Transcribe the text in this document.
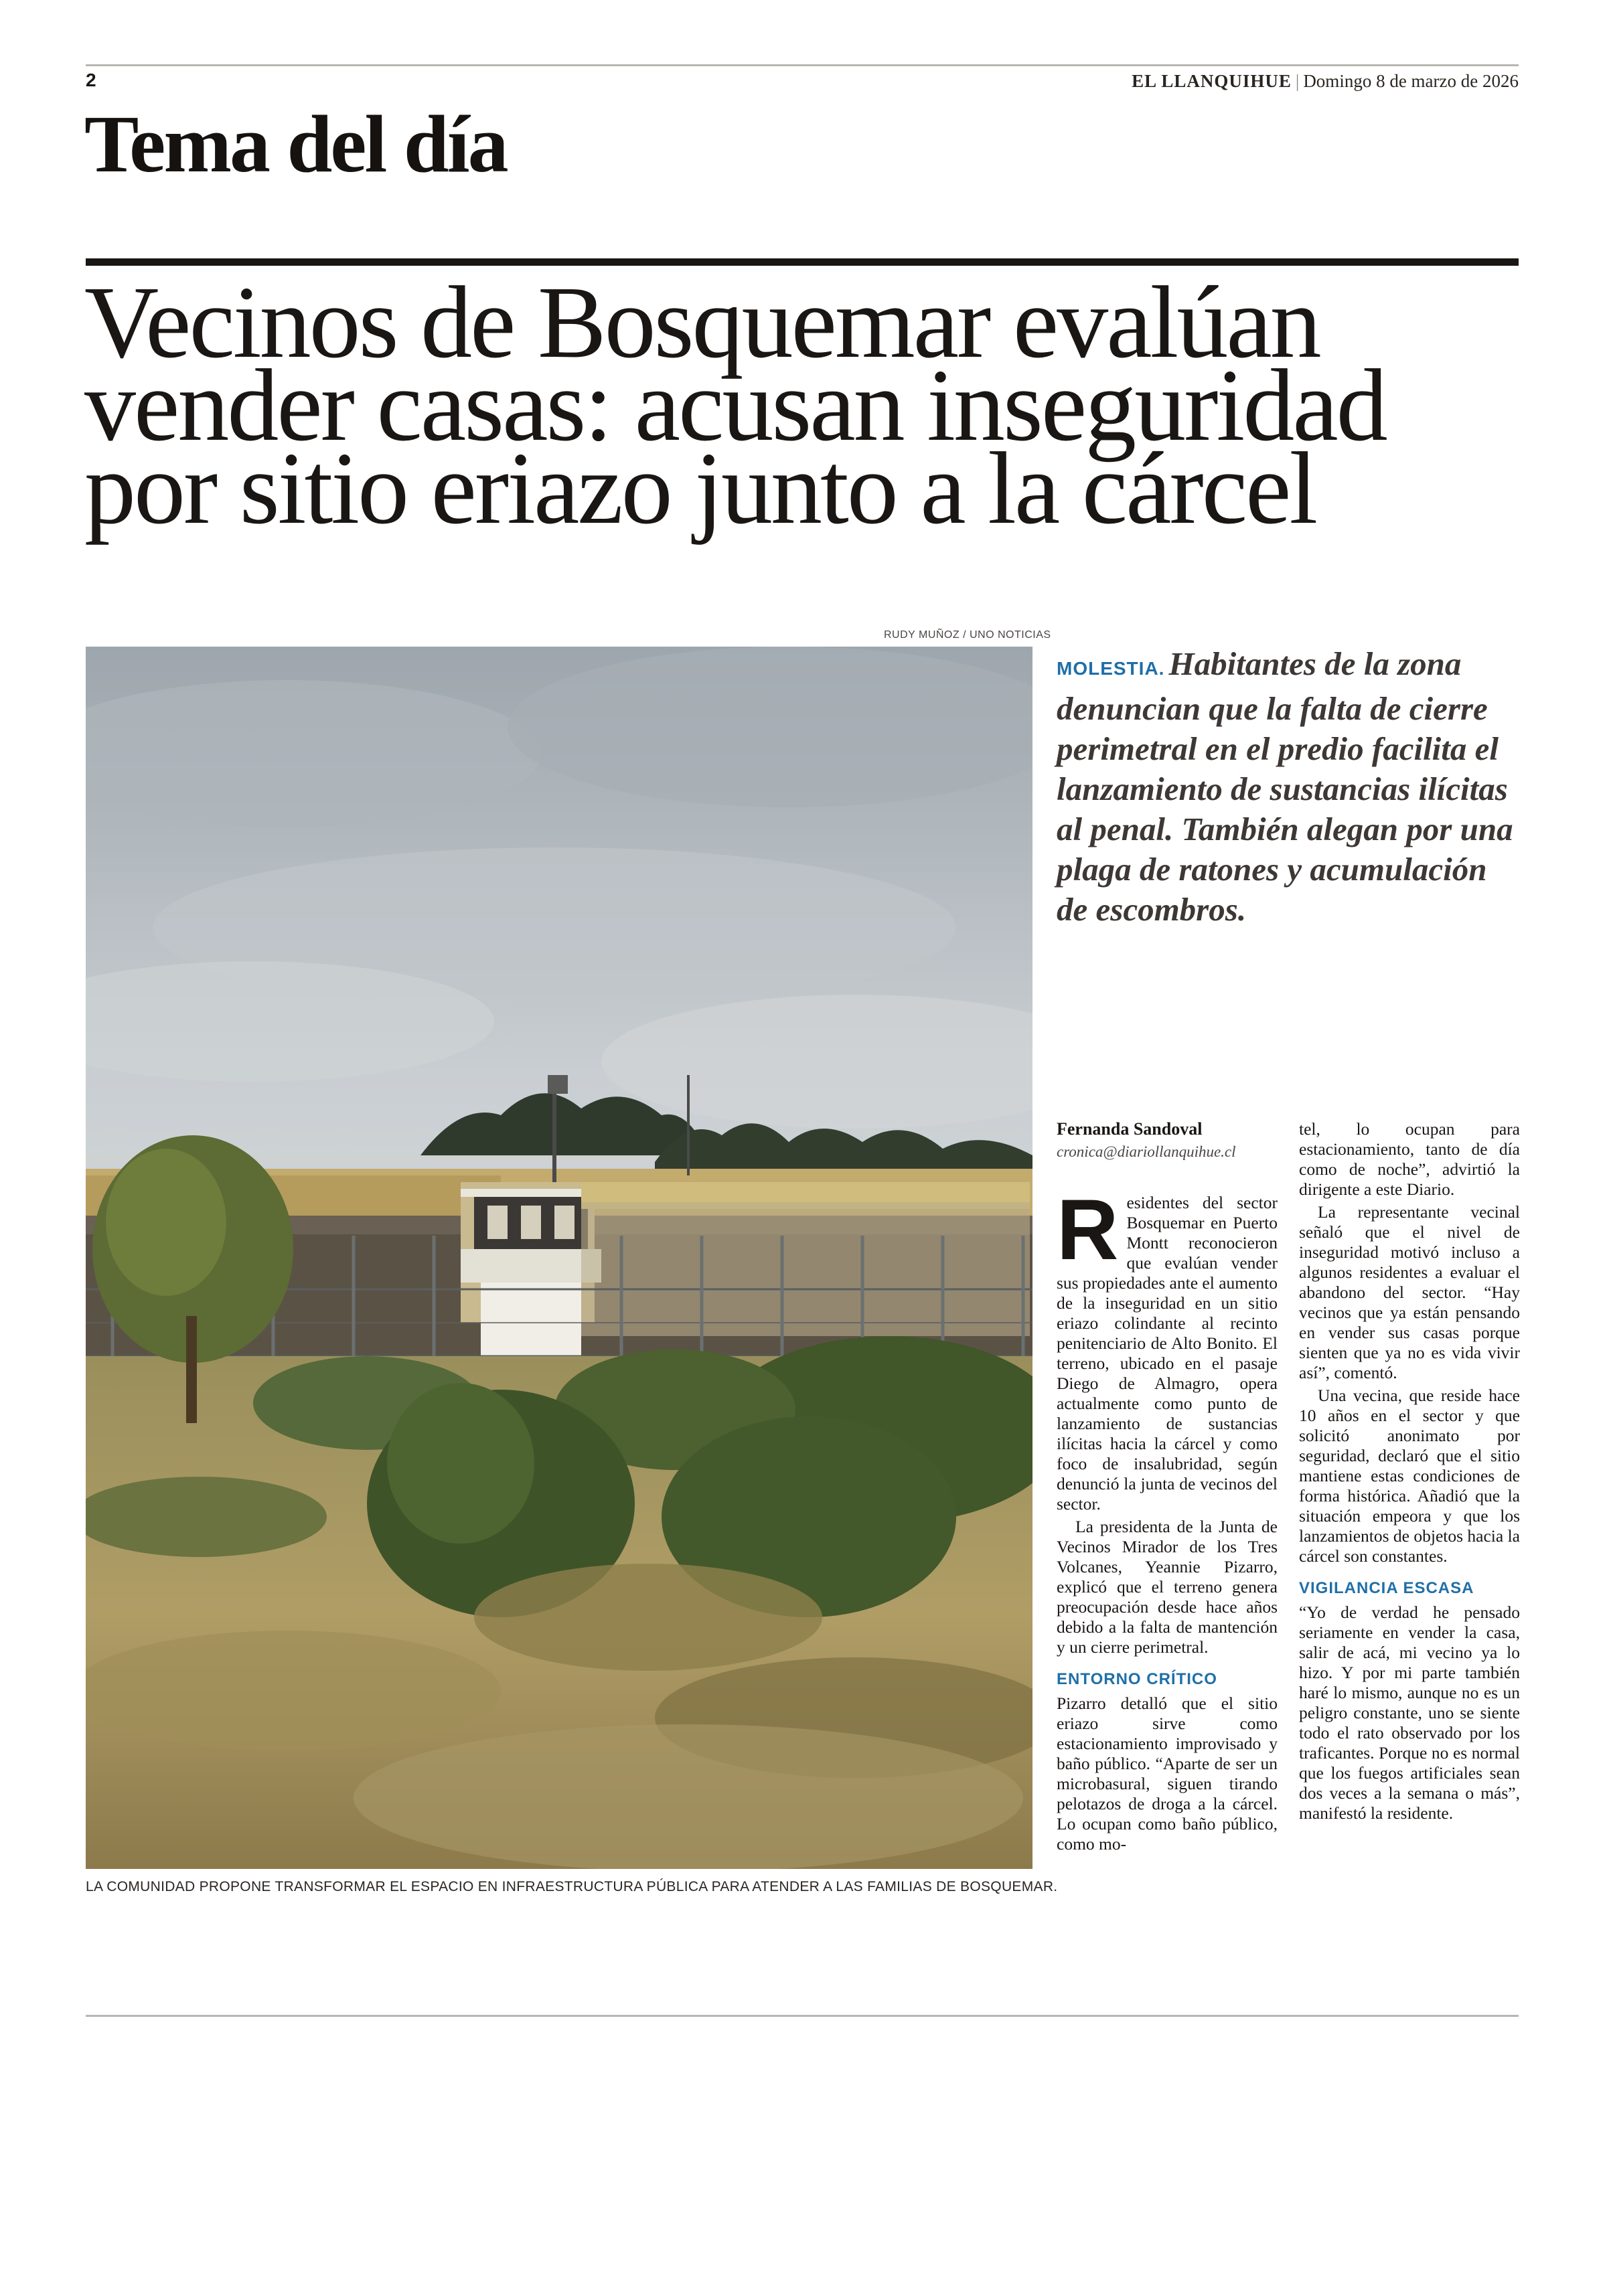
2	EL LLANQUIHUE | Domingo 8 de marzo de 2026
Tema del día
Vecinos de Bosquemar evalúan
vender casas: acusan inseguridad
por sitio eriazo junto a la cárcel
RUDY MUÑOZ / UNO NOTICIAS
LA COMUNIDAD PROPONE TRANSFORMAR EL ESPACIO EN INFRAESTRUCTURA PÚBLICA PARA ATENDER A LAS FAMILIAS DE BOSQUEMAR.
MOLESTIA. Habitantes de la zona denuncian que la falta de cierre perimetral en el predio facilita el lanzamiento de sustancias ilícitas al penal. También alegan por una plaga de ratones y acumulación de escombros.
Fernanda Sandoval
cronica@diariollanquihue.cl

Residentes del sector Bosquemar en Puerto Montt reconocieron que evalúan vender sus propiedades ante el aumento de la inseguridad en un sitio eriazo colindante al recinto penitenciario de Alto Bonito. El terreno, ubicado en el pasaje Diego de Almagro, opera actualmente como punto de lanzamiento de sustancias ilícitas hacia la cárcel y como foco de insalubridad, según denunció la junta de vecinos del sector.

La presidenta de la Junta de Vecinos Mirador de los Tres Volcanes, Yeannie Pizarro, explicó que el terreno genera preocupación desde hace años debido a la falta de mantención y un cierre perimetral.

ENTORNO CRÍTICO

Pizarro detalló que el sitio eriazo sirve como estacionamiento improvisado y baño público. “Aparte de ser un microbasural, siguen tirando pelotazos de droga a la cárcel. Lo ocupan como baño público, como mo-

tel, lo ocupan para estacionamiento, tanto de día como de noche”, advirtió la dirigente a este Diario.

La representante vecinal señaló que el nivel de inseguridad motivó incluso a algunos residentes a evaluar el abandono del sector. “Hay vecinos que ya están pensando en vender sus casas porque sienten que ya no es vida vivir así”, comentó.

Una vecina, que reside hace 10 años en el sector y que solicitó anonimato por seguridad, declaró que el sitio mantiene estas condiciones de forma histórica. Añadió que la situación empeora y que los lanzamientos de objetos hacia la cárcel son constantes.

VIGILANCIA ESCASA

“Yo de verdad he pensado seriamente en vender la casa, salir de acá, mi vecino ya lo hizo. Y por mi parte también haré lo mismo, aunque no es un peligro constante, uno se siente todo el rato observado por los traficantes. Porque no es normal que los fuegos artificiales sean dos veces a la semana o más”, manifestó la residente.
